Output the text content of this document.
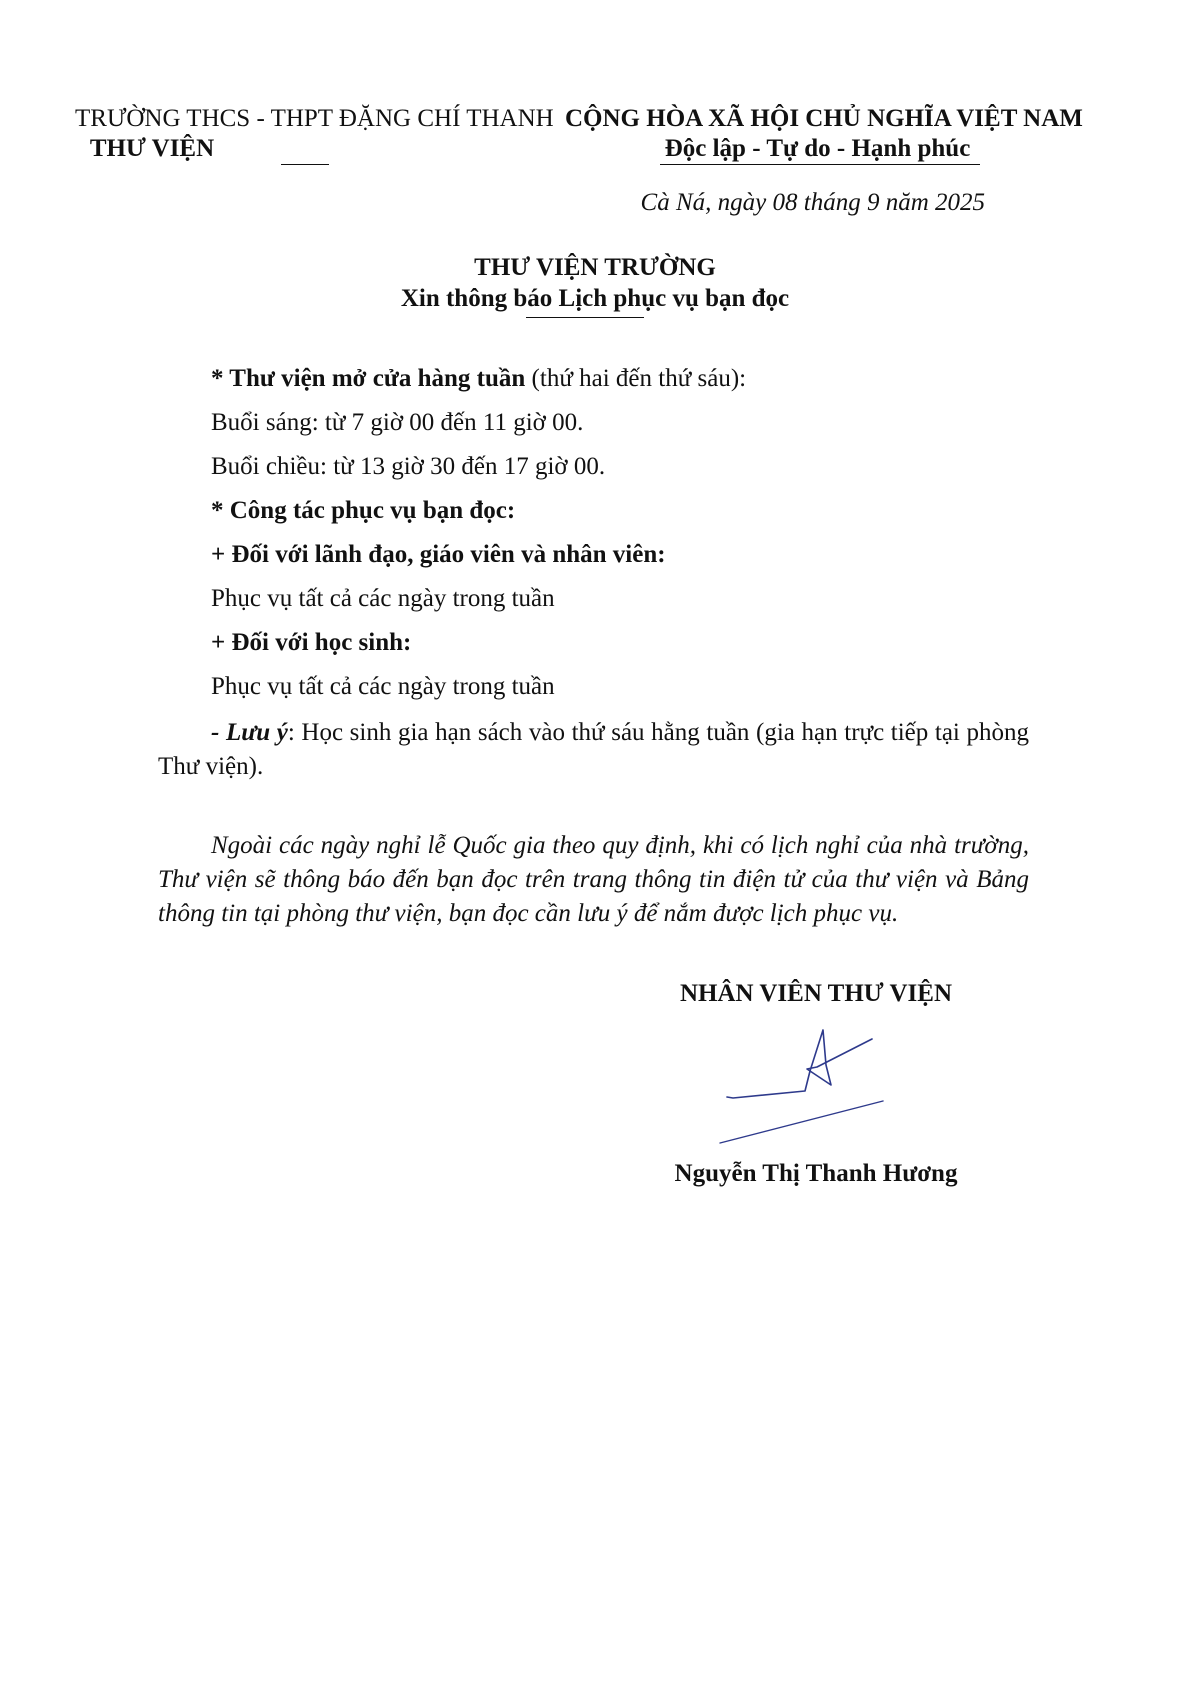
TRƯỜNG THCS - THPT ĐẶNG CHÍ THANH
THƯ VIỆN
CỘNG HÒA XÃ HỘI CHỦ NGHĨA VIỆT NAM
Độc lập - Tự do - Hạnh phúc
Cà Ná, ngày 08 tháng 9 năm 2025
THƯ VIỆN TRƯỜNG
Xin thông báo Lịch phục vụ bạn đọc
* Thư viện mở cửa hàng tuần (thứ hai đến thứ sáu):
Buổi sáng: từ 7 giờ 00 đến 11 giờ 00.
Buổi chiều: từ 13 giờ 30 đến 17 giờ 00.
* Công tác phục vụ bạn đọc:
+ Đối với lãnh đạo, giáo viên và nhân viên:
Phục vụ tất cả các ngày trong tuần
+ Đối với học sinh:
Phục vụ tất cả các ngày trong tuần
- Lưu ý: Học sinh gia hạn sách vào thứ sáu hằng tuần (gia hạn trực tiếp tại phòng Thư viện).
Ngoài các ngày nghỉ lễ Quốc gia theo quy định, khi có lịch nghỉ của nhà trường, Thư viện sẽ thông báo đến bạn đọc trên trang thông tin điện tử của thư viện và Bảng thông tin tại phòng thư viện, bạn đọc cần lưu ý để nắm được lịch phục vụ.
NHÂN VIÊN THƯ VIỆN
Nguyễn Thị Thanh Hương
